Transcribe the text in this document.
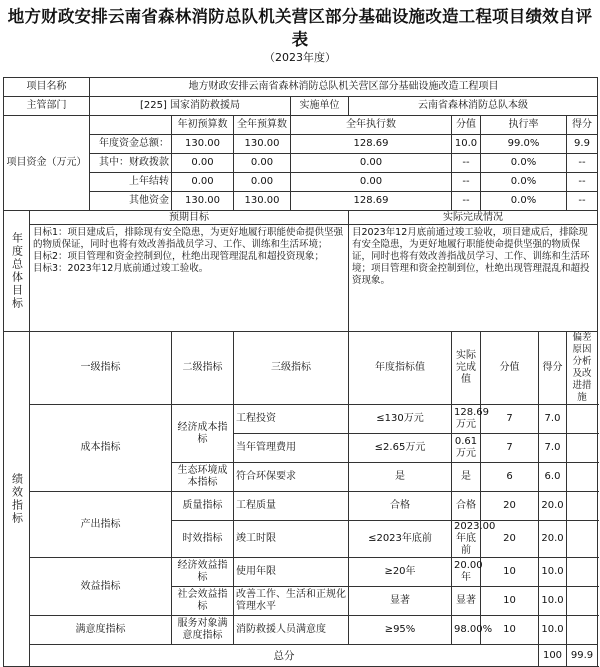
地方财政安排云南省森林消防总队机关营区部分基础设施改造工程项目绩效自评表
（2023年度）
项目名称		地方财政安排云南省森林消防总队机关营区部分基础设施改造工程项目									
主管部门		[225] 国家消防救援局			实施单位	云南省森林消防总队本级					
项目资金（万元）			年初预算数	全年预算数	全年执行数		分值	执行率		得分	
		年度资金总额：	130.00	130.00	128.69		10.0	99.0%		9.9	
		其中：财政拨款	0.00	0.00	0.00		--	0.0%		--	
		上年结转	0.00	0.00	0.00		--	0.0%		--	
		其他资金	130.00	130.00	128.69		--	0.0%		--	
年度总体目标	预期目标					实际完成情况					
	目标1：项目建成后，排除现有安全隐患，为更好地履行职能使命提供坚强的物质保证，同时也将有效改善指战员学习、工作、训练和生活环境；
目标2：项目管理和资金控制到位，杜绝出现管理混乱和超投资现象；
目标3：2023年12月底前通过竣工验收。					目2023年12月底前通过竣工验收，项目建成后，排除现有安全隐患，为更好地履行职能使命提供坚强的物质保证，同时也将有效改善指战员学习、工作、训练和生活环境；项目管理和资金控制到位，杜绝出现管理混乱和超投资现象。					
绩效指标	一级指标		二级指标	三级指标		年度指标值	实际完成值	分值	得分	偏差原因分析及改进措施	
	成本指标		经济成本指标	工程投资		≤130万元	128.69万元	7	7.0		
				当年管理费用		≤2.65万元	0.61万元	7	7.0		
			生态环境成本指标	符合环保要求		是	是	6	6.0		
	产出指标		质量指标	工程质量		合格	合格	20	20.0		
			时效指标	竣工时限		≤2023年底前	2023.00年底前	20	20.0		
	效益指标		经济效益指标	使用年限		≥20年	20.00年	10	10.0		
			社会效益指标	改善工作、生活和正规化管理水平		显著	显著	10	10.0		
	满意度指标		服务对象满意度指标	消防救援人员满意度		≥95%	98.00%	10	10.0		
	总分								100	99.9	
